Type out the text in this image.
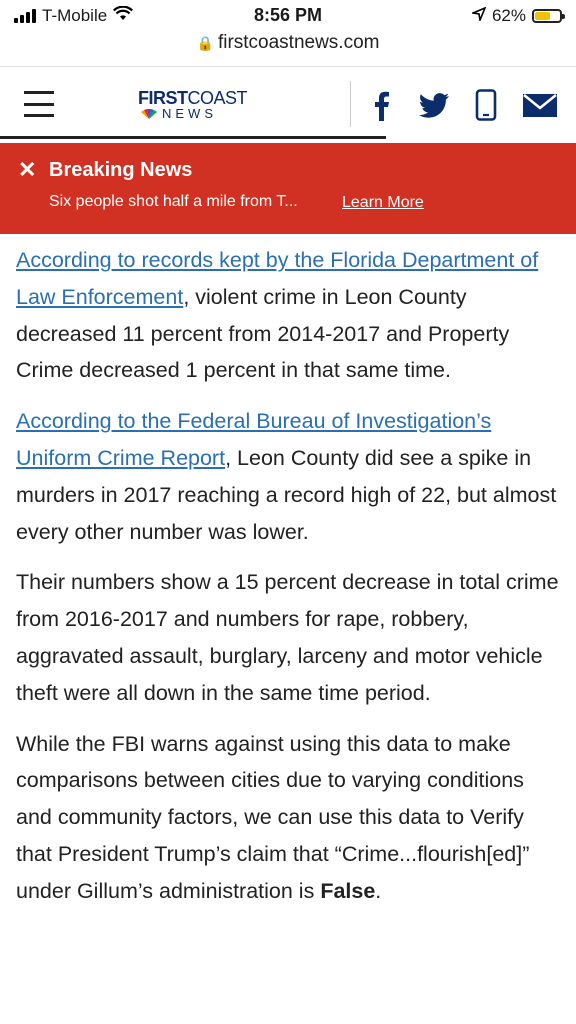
T-Mobile	8:56 PM	62%
🔒 firstcoastnews.com
FIRSTCOAST
NEWS
✕ Breaking News
Six people shot half a mile from T...	Learn More

According to records kept by the Florida Department of Law Enforcement, violent crime in Leon County decreased 11 percent from 2014-2017 and Property Crime decreased 1 percent in that same time.

According to the Federal Bureau of Investigation’s Uniform Crime Report, Leon County did see a spike in murders in 2017 reaching a record high of 22, but almost every other number was lower.

Their numbers show a 15 percent decrease in total crime from 2016-2017 and numbers for rape, robbery, aggravated assault, burglary, larceny and motor vehicle theft were all down in the same time period.

While the FBI warns against using this data to make comparisons between cities due to varying conditions and community factors, we can use this data to Verify that President Trump’s claim that “Crime...flourish[ed]” under Gillum’s administration is False.
